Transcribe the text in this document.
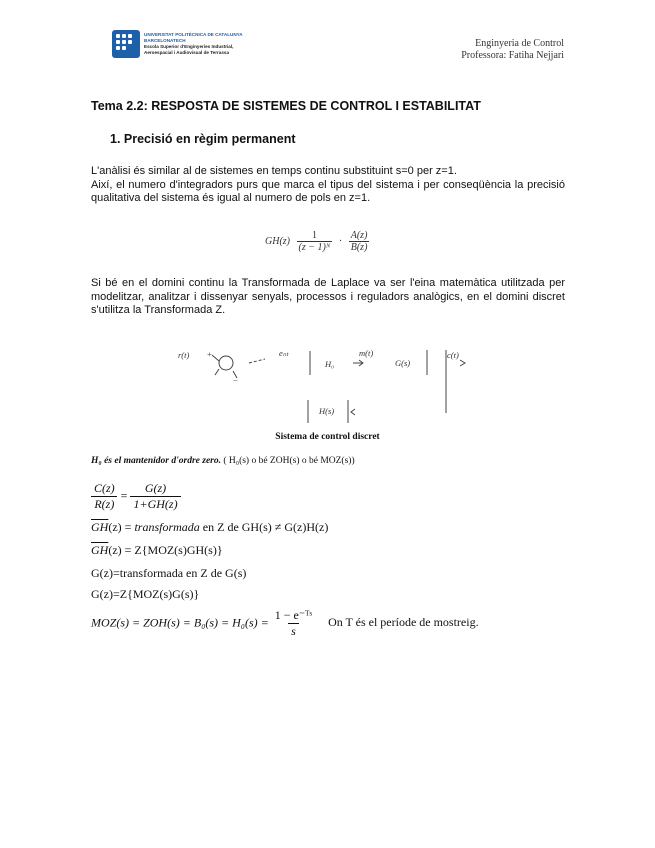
UNIVERSITAT POLITÈCNICA DE CATALUNYA BARCELONATECH
Escola Superior d'Enginyeries Industrial, Aeroespacial i Audiovisual de Terrassa
Enginyeria de Control
Professora: Fatiha Nejjari
Tema 2.2: RESPOSTA DE SISTEMES DE CONTROL I ESTABILITAT
1. Precisió en règim permanent
L'anàlisi és similar al de sistemes en temps continu substituint s=0 per z=1.
Així, el numero d'integradors purs que marca el tipus del sistema i per conseqüència la precisió qualitativa del sistema és igual al numero de pols en z=1.
$GH(z) \frac{1}{\text{(z − 1)ᴺ}} \cdot \frac{A(z)}{B(z)}$
Si bé en el domini continu la Transformada de Laplace va ser l'eina matemàtica utilitzada per modelitzar, analitzar i dissenyar senyals, processos i reguladors analògics, en el domini discret s'utilitza la Transformada Z.
r(t) +
−
eₙₜ
H₀
m(t)
G(s)
c(t)
H(s)
Sistema de control discret
H₀ és el mantenidor d'ordre zero. ( H₀(s) o bé ZOH(s) o bé MOZ(s))
$\frac{C(z)}{R(z)} = \frac{G(z)}{1+\overline{GH}(z)}$
$\overline{GH}(z)$ = transformada en Z de GH(s) ≠ G(z)H(z)
$\overline{GH}(z) = Z\{MOZ(s)GH(s)\}$
G(z)=transformada en Z de G(s)
G(z)=Z{MOZ(s)G(s)}
$MOZ(s) = ZOH(s) = B_0(s) = H_0(s) = \frac{\text{1 − e⁻ᵀˢ}}{s}$ On T és el període de mostreig.
